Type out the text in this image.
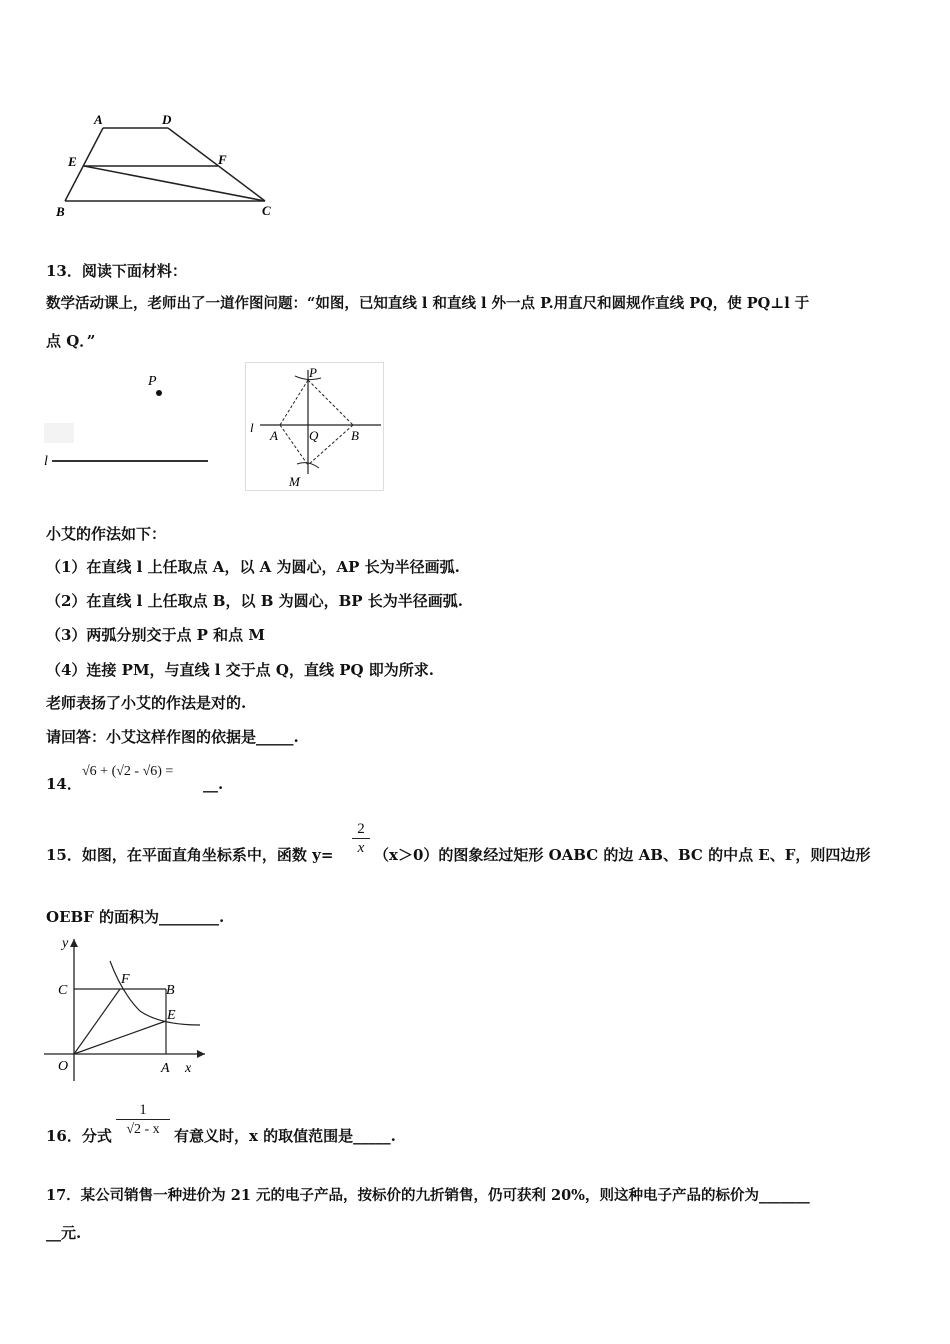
A	D
E	F
B	C
13．阅读下面材料：
数学活动课上，老师出了一道作图问题：“如图，已知直线 l 和直线 l 外一点 P.用直尺和圆规作直线 PQ，使 PQ⊥l 于
点 Q．”
P
l
P
l
A Q	B
M
小艾的作法如下：
（1）在直线 l 上任取点 A，以 A 为圆心，AP 长为半径画弧.
（2）在直线 l 上任取点 B，以 B 为圆心，BP 长为半径画弧.
（3）两弧分别交于点 P 和点 M
（4）连接 PM，与直线 l 交于点 Q，直线 PQ 即为所求.
老师表扬了小艾的作法是对的.
请回答：小艾这样作图的依据是_____.
14．
√6 + (√2 - √6) =
__.
15．如图，在平面直角坐标系中，函数 y=
2
x （x＞0）的图象经过矩形 OABC 的边 AB、BC 的中点 E、F，则四边形
OEBF 的面积为________.
y
x
C
F
B
E
O	A
16．分式
1
√2 - x 有意义时，x 的取值范围是_____.
17．某公司销售一种进价为 21 元的电子产品，按标价的九折销售，仍可获利 20%，则这种电子产品的标价为_______
__元.
